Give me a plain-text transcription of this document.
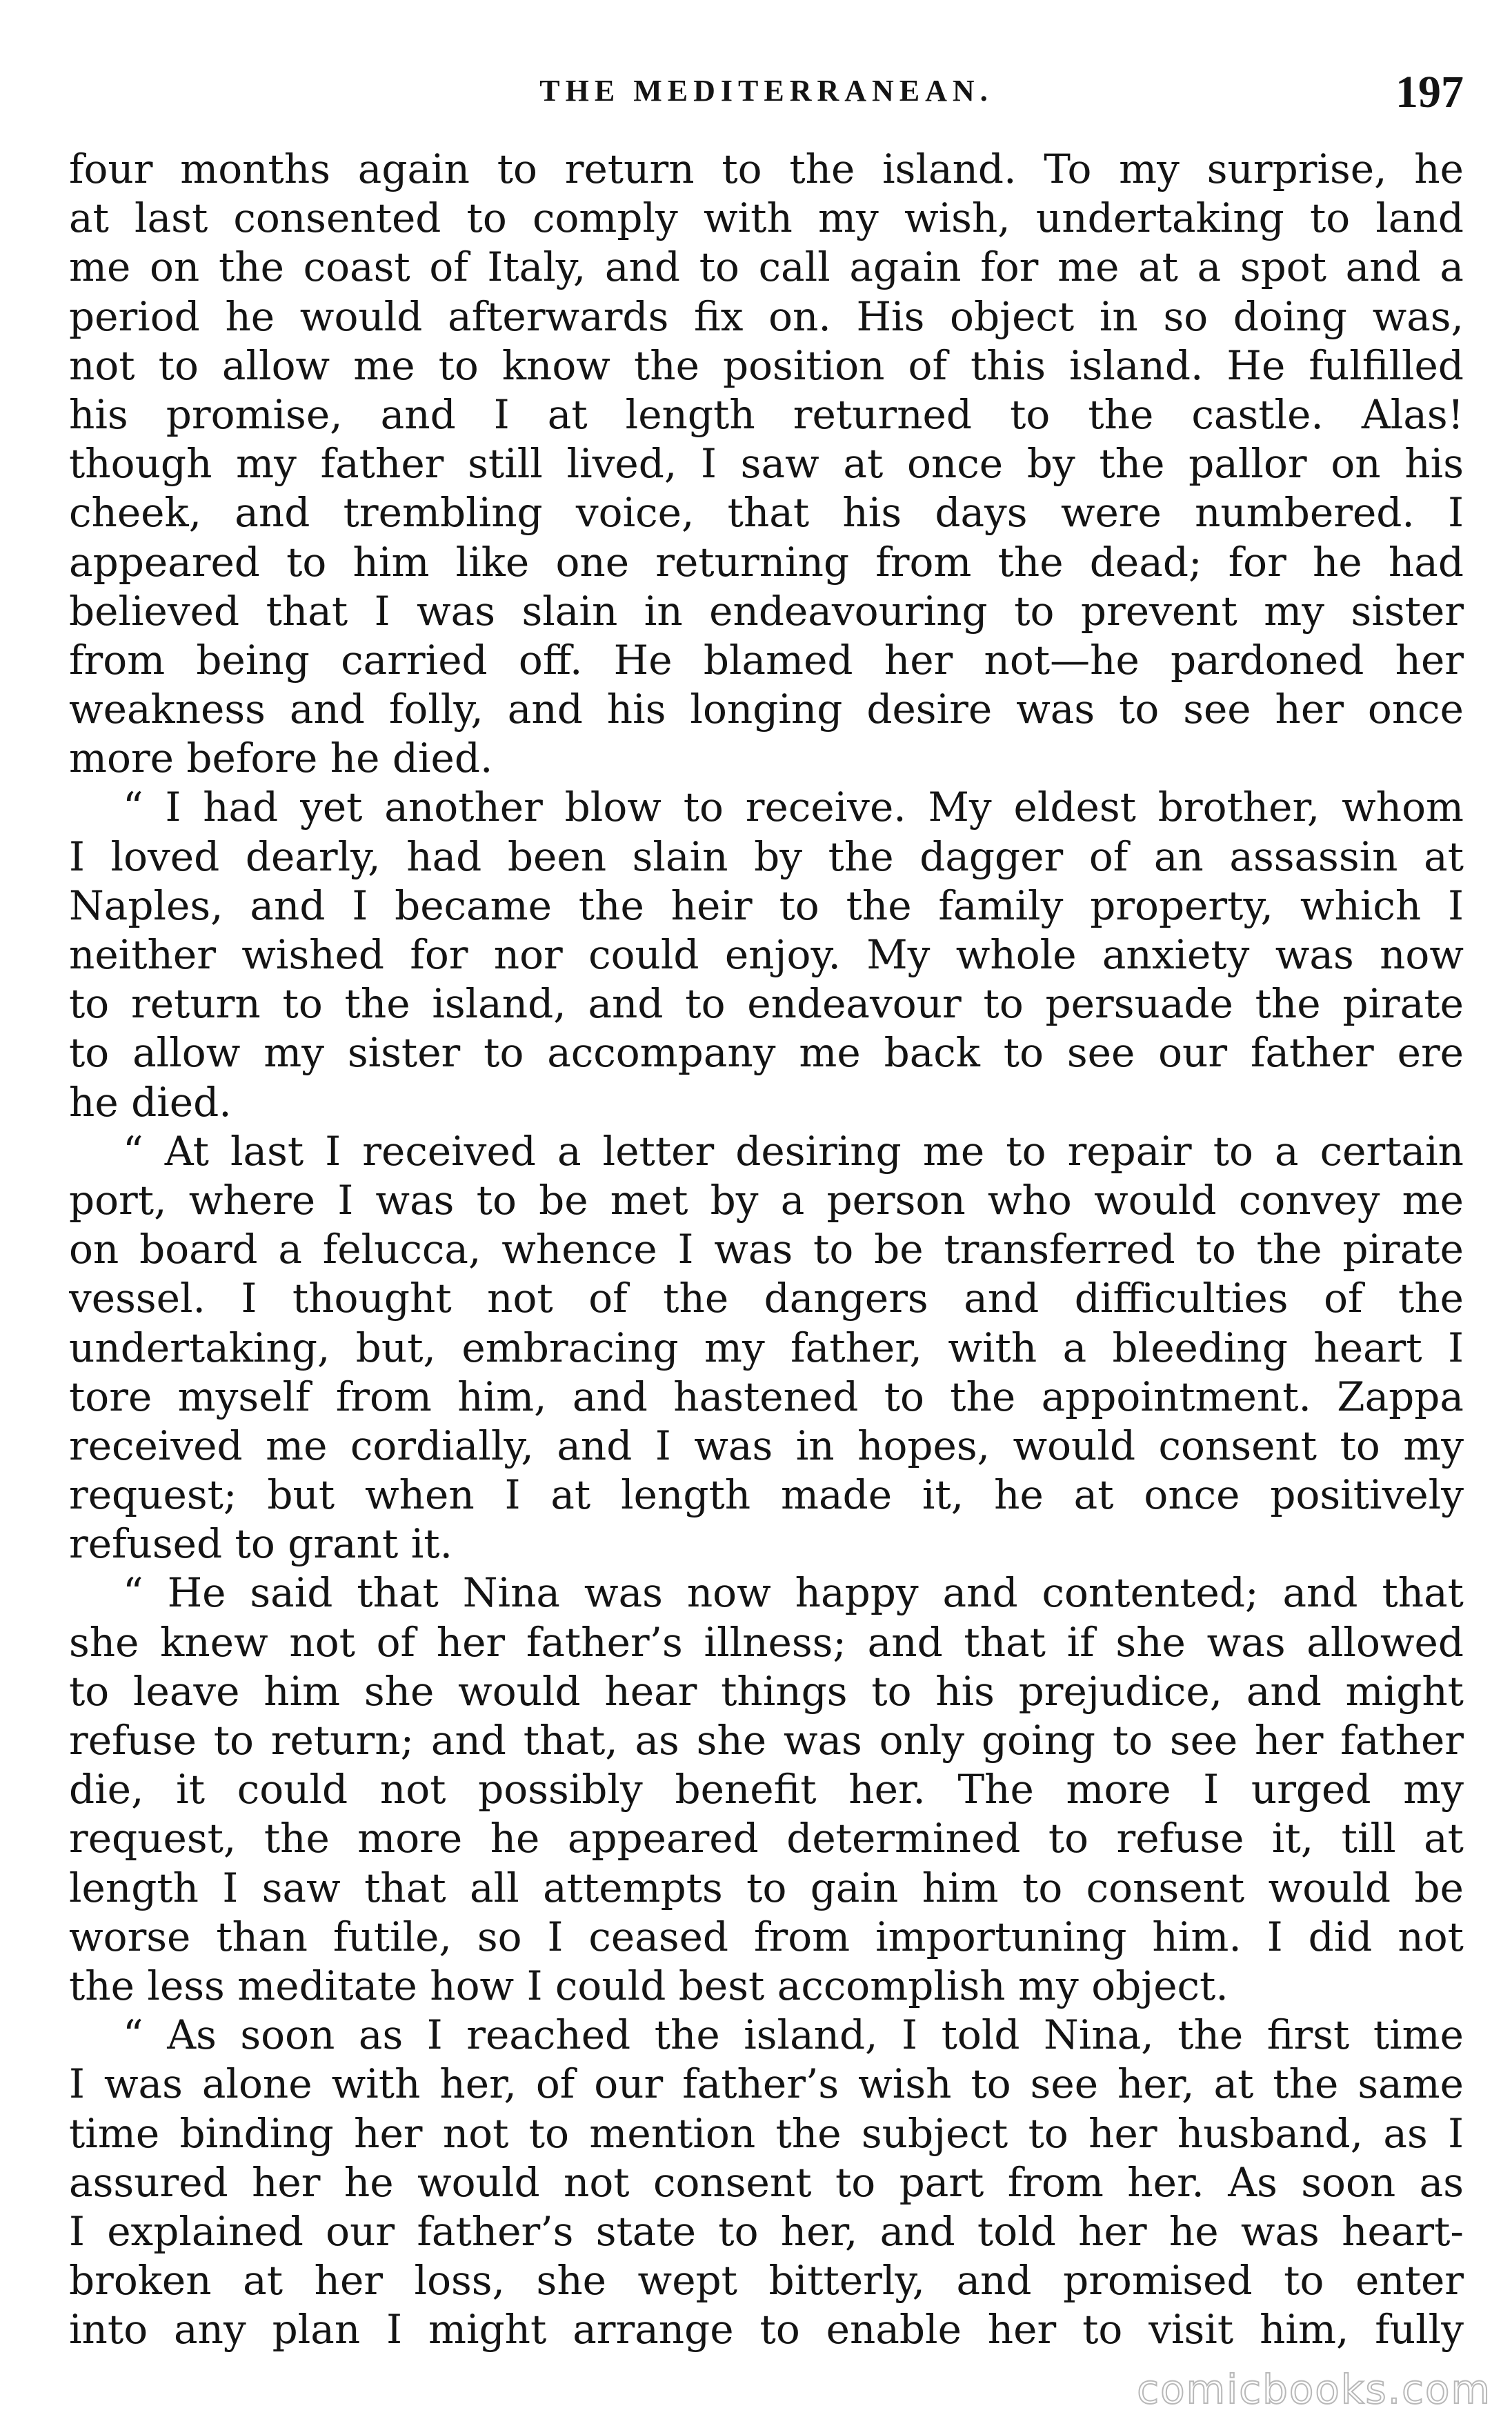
THE MEDITERRANEAN.	197
four months again to return to the island. To my surprise, he
at last consented to comply with my wish, undertaking to land
me on the coast of Italy, and to call again for me at a spot and a
period he would afterwards fix on. His object in so doing was,
not to allow me to know the position of this island. He fulfilled
his promise, and I at length returned to the castle. Alas!
though my father still lived, I saw at once by the pallor on his
cheek, and trembling voice, that his days were numbered. I
appeared to him like one returning from the dead; for he had
believed that I was slain in endeavouring to prevent my sister
from being carried off. He blamed her not—he pardoned her
weakness and folly, and his longing desire was to see her once
more before he died.
“ I had yet another blow to receive. My eldest brother, whom
I loved dearly, had been slain by the dagger of an assassin at
Naples, and I became the heir to the family property, which I
neither wished for nor could enjoy. My whole anxiety was now
to return to the island, and to endeavour to persuade the pirate
to allow my sister to accompany me back to see our father ere
he died.
“ At last I received a letter desiring me to repair to a certain
port, where I was to be met by a person who would convey me
on board a felucca, whence I was to be transferred to the pirate
vessel. I thought not of the dangers and difficulties of the
undertaking, but, embracing my father, with a bleeding heart I
tore myself from him, and hastened to the appointment. Zappa
received me cordially, and I was in hopes, would consent to my
request; but when I at length made it, he at once positively
refused to grant it.
“ He said that Nina was now happy and contented; and that
she knew not of her father’s illness; and that if she was allowed
to leave him she would hear things to his prejudice, and might
refuse to return; and that, as she was only going to see her father
die, it could not possibly benefit her. The more I urged my
request, the more he appeared determined to refuse it, till at
length I saw that all attempts to gain him to consent would be
worse than futile, so I ceased from importuning him. I did not
the less meditate how I could best accomplish my object.
“ As soon as I reached the island, I told Nina, the first time
I was alone with her, of our father’s wish to see her, at the same
time binding her not to mention the subject to her husband, as I
assured her he would not consent to part from her. As soon as
I explained our father’s state to her, and told her he was heart-
broken at her loss, she wept bitterly, and promised to enter
into any plan I might arrange to enable her to visit him, fully
comicbooks.com
